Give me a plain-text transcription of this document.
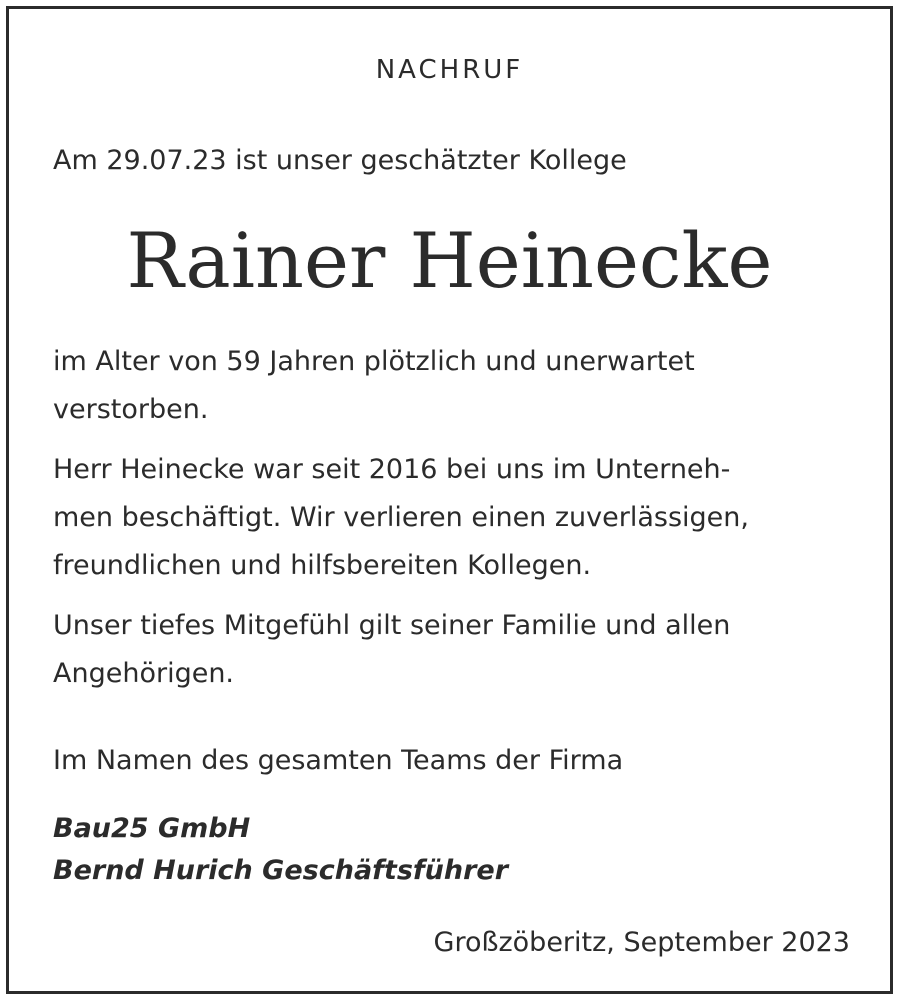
NACHRUF

Am 29.07.23 ist unser geschätzter Kollege

Rainer Heinecke

im Alter von 59 Jahren plötzlich und unerwartet
verstorben.
Herr Heinecke war seit 2016 bei uns im Unterneh-
men beschäftigt. Wir verlieren einen zuverlässigen,
freundlichen und hilfsbereiten Kollegen.
Unser tiefes Mitgefühl gilt seiner Familie und allen
Angehörigen.

Im Namen des gesamten Teams der Firma

Bau25 GmbH

Bernd Hurich Geschäftsführer

Großzöberitz, September 2023
